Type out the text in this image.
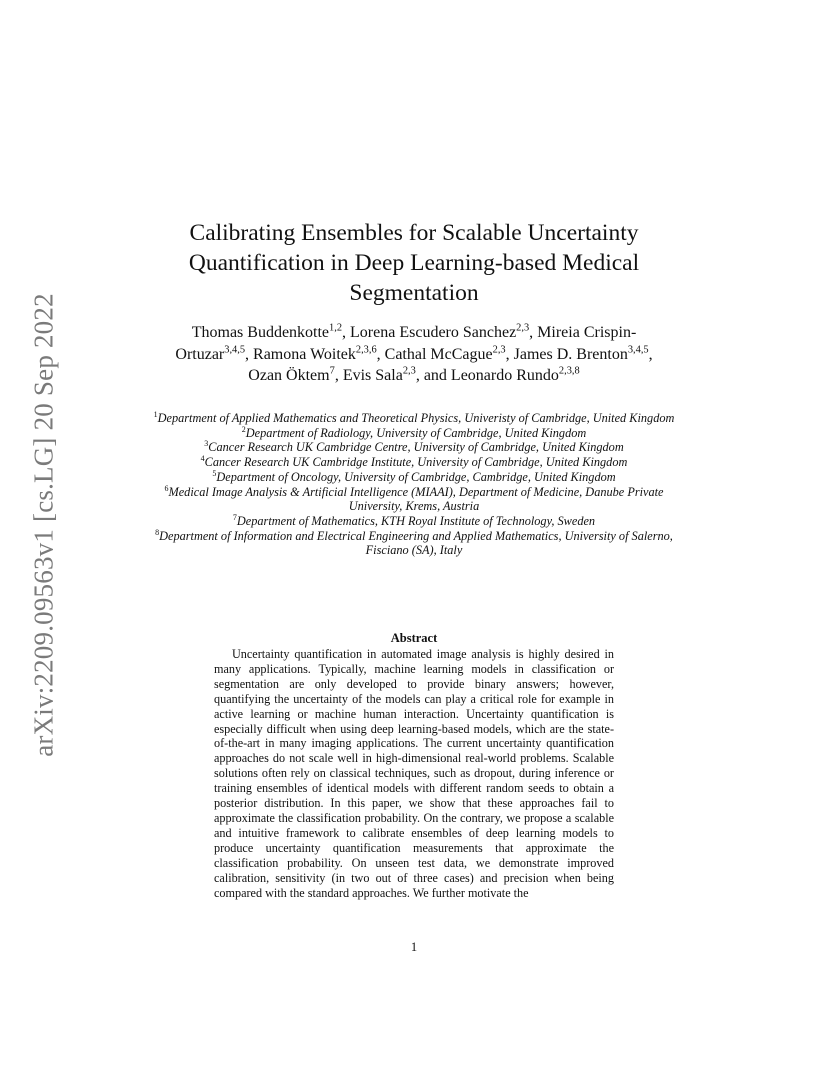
arXiv:2209.09563v1 [cs.LG] 20 Sep 2022
Calibrating Ensembles for Scalable Uncertainty
Quantification in Deep Learning-based Medical
Segmentation
Thomas Buddenkotte$^{1,2}$, Lorena Escudero Sanchez$^{2,3}$, Mireia Crispin-Ortuzar$^{3,4,5}$, Ramona Woitek$^{2,3,6}$, Cathal McCague$^{2,3}$, James D. Brenton$^{3,4,5}$, Ozan Öktem$^7$, Evis Sala$^{2,3}$, and Leonardo Rundo$^{2,3,8}$

$^1$Department of Applied Mathematics and Theoretical Physics, Univeristy of Cambridge, United Kingdom

$^2$Department of Radiology, University of Cambridge, United Kingdom

$^3$Cancer Research UK Cambridge Centre, University of Cambridge, United Kingdom

$^4$Cancer Research UK Cambridge Institute, University of Cambridge, United Kingdom

$^5$Department of Oncology, University of Cambridge, Cambridge, United Kingdom

$^6$Medical Image Analysis & Artificial Intelligence (MIAAI), Department of Medicine, Danube Private University, Krems, Austria

$^7$Department of Mathematics, KTH Royal Institute of Technology, Sweden

$^8$Department of Information and Electrical Engineering and Applied Mathematics, University of Salerno, Fisciano (SA), Italy

Abstract
Uncertainty quantification in automated image analysis is highly desired in many applications. Typically, machine learning models in classification or segmentation are only developed to provide binary answers; however, quantifying the uncertainty of the models can play a critical role for example in active learning or machine human interaction. Uncertainty quantification is especially difficult when using deep learning-based models, which are the state-of-the-art in many imaging applications. The current uncertainty quantification approaches do not scale well in high-dimensional real-world problems. Scalable solutions often rely on classical techniques, such as dropout, during inference or training ensembles of identical models with different random seeds to obtain a posterior distribution. In this paper, we show that these approaches fail to approximate the classification probability. On the contrary, we propose a scalable and intuitive framework to calibrate ensembles of deep learning models to produce uncertainty quantification measurements that approximate the classification probability. On unseen test data, we demonstrate improved calibration, sensitivity (in two out of three cases) and precision when being compared with the standard approaches. We further motivate the
1
